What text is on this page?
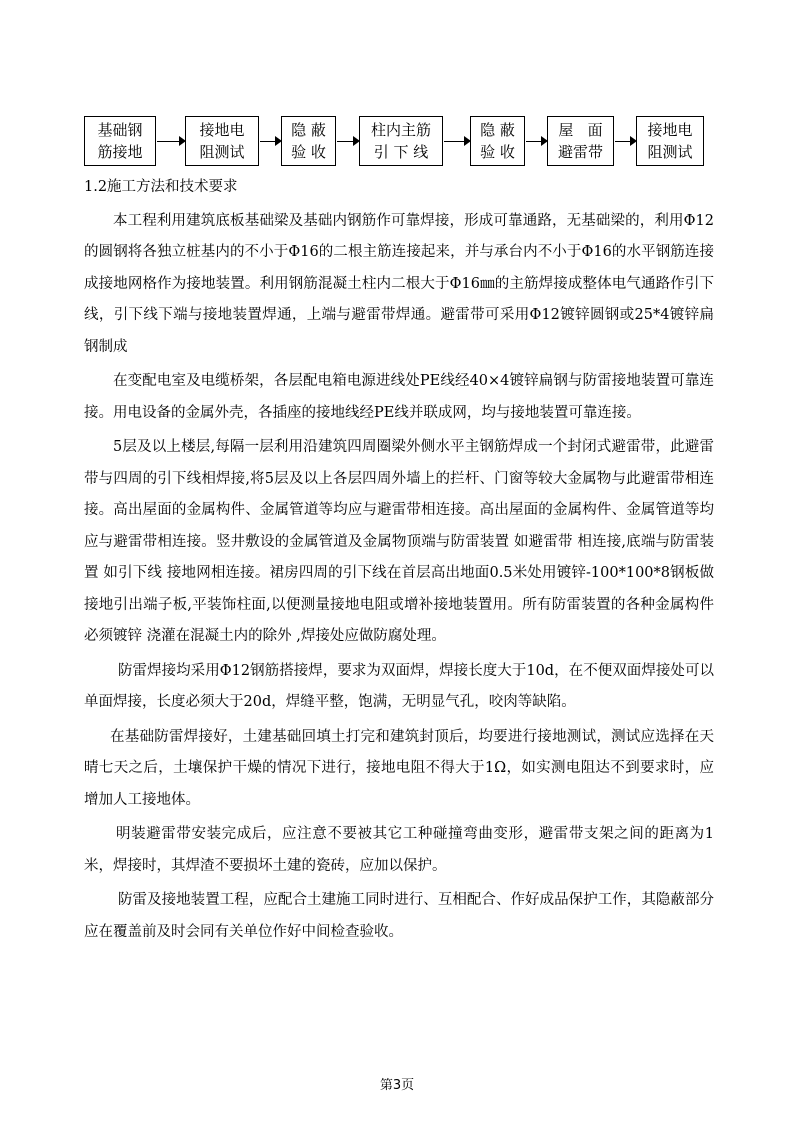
基础钢
筋接地
接地电
阻测试
隐 蔽
验 收
柱内主筋
引 下 线
隐 蔽
验 收
屋   面
避雷带
接地电
阻测试

1.2施工方法和技术要求

本工程利用建筑底板基础梁及基础内钢筋作可靠焊接，形成可靠通路，无基础梁的，利用Φ12的圆钢将各独立桩基内的不小于Φ16的二根主筋连接起来，并与承台内不小于Φ16的水平钢筋连接成接地网格作为接地装置。利用钢筋混凝土柱内二根大于Φ16㎜的主筋焊接成整体电气通路作引下线，引下线下端与接地装置焊通，上端与避雷带焊通。避雷带可采用Φ12镀锌圆钢或25*4镀锌扁钢制成

在变配电室及电缆桥架，各层配电箱电源进线处PE线经40×4镀锌扁钢与防雷接地装置可靠连接。用电设备的金属外壳，各插座的接地线经PE线并联成网，均与接地装置可靠连接。

5层及以上楼层,每隔一层利用沿建筑四周圈梁外侧水平主钢筋焊成一个封闭式避雷带，此避雷带与四周的引下线相焊接,将5层及以上各层四周外墙上的拦杆、门窗等较大金属物与此避雷带相连接。高出屋面的金属构件、金属管道等均应与避雷带相连接。高出屋面的金属构件、金属管道等均应与避雷带相连接。竖井敷设的金属管道及金属物顶端与防雷装置 如避雷带 相连接,底端与防雷装置 如引下线 接地网相连接。裙房四周的引下线在首层高出地面0.5米处用镀锌-100*100*8钢板做接地引出端子板,平装饰柱面,以便测量接地电阻或增补接地装置用。所有防雷装置的各种金属构件必须镀锌 浇灌在混凝土内的除外 ,焊接处应做防腐处理。

防雷焊接均采用Φ12钢筋搭接焊，要求为双面焊，焊接长度大于10d，在不便双面焊接处可以单面焊接，长度必须大于20d，焊缝平整，饱满，无明显气孔，咬肉等缺陷。

在基础防雷焊接好，土建基础回填土打完和建筑封顶后，均要进行接地测试，测试应选择在天晴七天之后，土壤保护干燥的情况下进行，接地电阻不得大于1Ω，如实测电阻达不到要求时，应增加人工接地体。

明装避雷带安装完成后，应注意不要被其它工种碰撞弯曲变形，避雷带支架之间的距离为1米，焊接时，其焊渣不要损坏土建的瓷砖，应加以保护。

防雷及接地装置工程，应配合土建施工同时进行、互相配合、作好成品保护工作，其隐蔽部分应在覆盖前及时会同有关单位作好中间检查验收。

第3页
